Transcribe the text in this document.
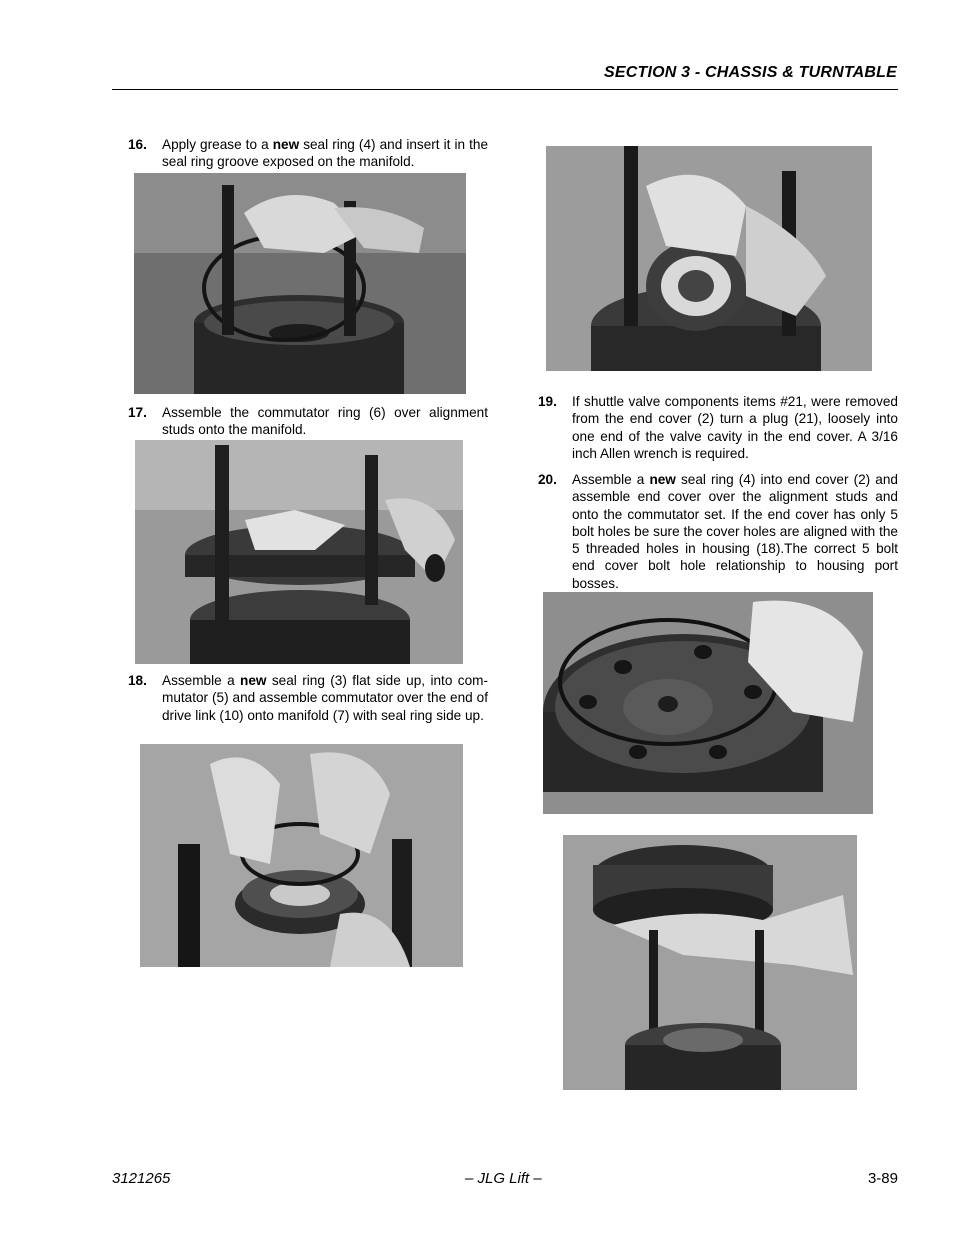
SECTION 3 - CHASSIS & TURNTABLE
16. Apply grease to a new seal ring (4) and insert it in the seal ring groove exposed on the manifold.
17. Assemble the commutator ring (6) over alignment studs onto the manifold.
18. Assemble a new seal ring (3) flat side up, into commutator (5) and assemble commutator over the end of drive link (10) onto manifold (7) with seal ring side up.
19. If shuttle valve components items #21, were removed from the end cover (2) turn a plug (21), loosely into one end of the valve cavity in the end cover. A 3/16 inch Allen wrench is required.
20. Assemble a new seal ring (4) into end cover (2) and assemble end cover over the alignment studs and onto the commutator set. If the end cover has only 5 bolt holes be sure the cover holes are aligned with the 5 threaded holes in housing (18).The correct 5 bolt end cover bolt hole relationship to housing port bosses.
3121265	– JLG Lift –	3-89
